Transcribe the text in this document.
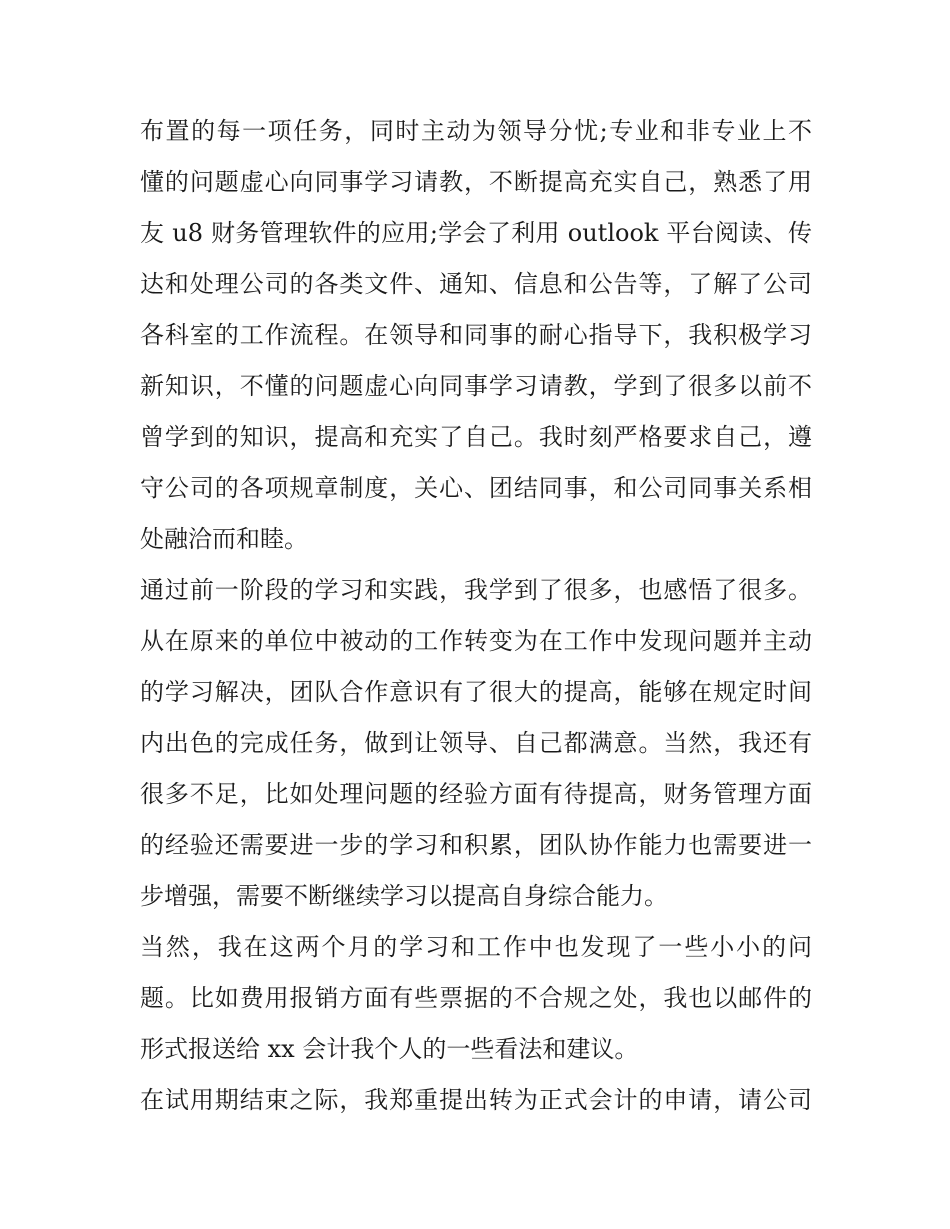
布置的每一项任务，同时主动为领导分忧;专业和非专业上不
懂的问题虚心向同事学习请教，不断提高充实自己，熟悉了用
友 u8 财务管理软件的应用;学会了利用 outlook 平台阅读、传
达和处理公司的各类文件、通知、信息和公告等，了解了公司
各科室的工作流程。在领导和同事的耐心指导下，我积极学习
新知识，不懂的问题虚心向同事学习请教，学到了很多以前不
曾学到的知识，提高和充实了自己。我时刻严格要求自己，遵
守公司的各项规章制度，关心、团结同事，和公司同事关系相
处融洽而和睦。
通过前一阶段的学习和实践，我学到了很多，也感悟了很多。
从在原来的单位中被动的工作转变为在工作中发现问题并主动
的学习解决，团队合作意识有了很大的提高，能够在规定时间
内出色的完成任务，做到让领导、自己都满意。当然，我还有
很多不足，比如处理问题的经验方面有待提高，财务管理方面
的经验还需要进一步的学习和积累，团队协作能力也需要进一
步增强，需要不断继续学习以提高自身综合能力。
当然，我在这两个月的学习和工作中也发现了一些小小的问
题。比如费用报销方面有些票据的不合规之处，我也以邮件的
形式报送给 xx 会计我个人的一些看法和建议。
在试用期结束之际，我郑重提出转为正式会计的申请，请公司
